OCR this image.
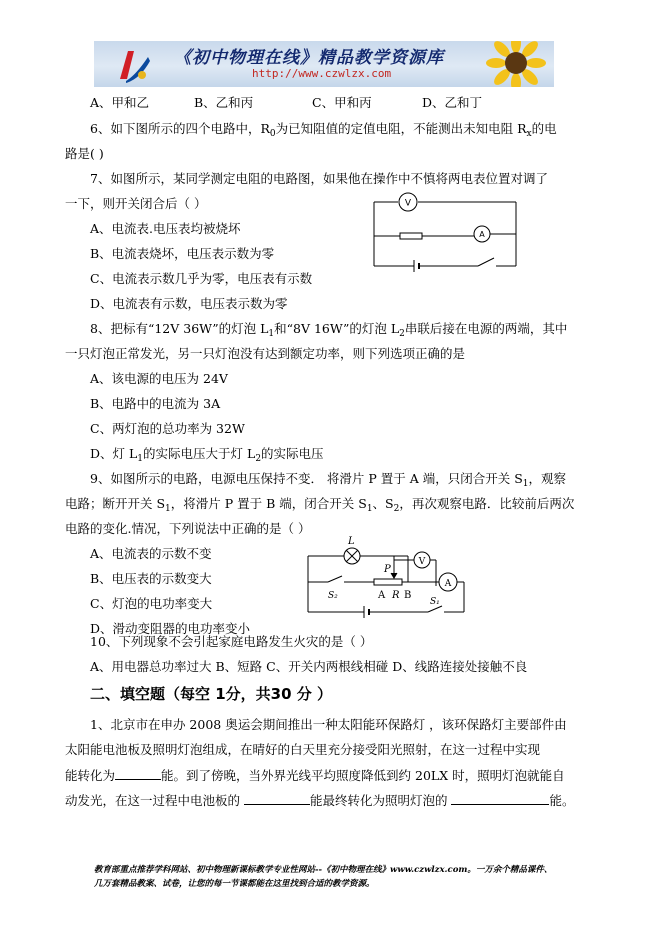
《初中物理在线》精品教学资源库
http://www.czwlzx.com
A、甲和乙	B、乙和丙	C、甲和丙	D、乙和丁
6、如下图所示的四个电路中，$R_0$为已知阻值的定值电阻，不能测出未知电阻 $R_x$的电
路是( )
7、如图所示，某同学测定电阻的电路图，如果他在操作中不慎将两电表位置对调了
一下，则开关闭合后（ ）
A、电流表.电压表均被烧坏
B、电流表烧坏，电压表示数为零
C、电流表示数几乎为零，电压表有示数
D、电流表有示数，电压表示数为零
V
A
8、把标有“12V 36W”的灯泡 $L_1$和“8V 16W”的灯泡 $L_2$串联后接在电源的两端，其中
一只灯泡正常发光，另一只灯泡没有达到额定功率，则下列选项正确的是
A、该电源的电压为 24V
B、电路中的电流为 3A
C、两灯泡的总功率为 32W
D、灯 $L_1$的实际电压大于灯 $L_2$的实际电压
9、如图所示的电路，电源电压保持不变． 将滑片 P 置于 A 端，只闭合开关 $S_1$，观察
电路；断开开关 $S_1$，将滑片 P 置于 B 端，闭合开关 $S_1$、$S_2$，再次观察电路．比较前后两次
电路的变化.情况，下列说法中正确的是（ ）
A、电流表的示数不变
B、电压表的示数变大
C、灯泡的电功率变大
D、滑动变阻器的电功率变小
L
V
A
P
A R B
S₂
S₁
10、下列现象不会引起家庭电路发生火灾的是（ ）
A、用电器总功率过大 B、短路 C、开关内两根线相碰 D、线路连接处接触不良
二、填空题（每空 1分，共30 分 ）
1、北京市在申办 2008 奥运会期间推出一种太阳能环保路灯 ，该环保路灯主要部件由
太阳能电池板及照明灯泡组成，在晴好的白天里充分接受阳光照射，在这一过程中实现
能转化为	能。到了傍晚，当外界光线平均照度降低到约 20LX 时，照明灯泡就能自
动发光，在这一过程中电池板的	能最终转化为照明灯泡的	能。
教育部重点推荐学科网站、初中物理新课标教学专业性网站--《初中物理在线》www.czwlzx.com。一万余个精品课件、
几万套精品教案、试卷，让您的每一节课都能在这里找到合适的教学资源。
